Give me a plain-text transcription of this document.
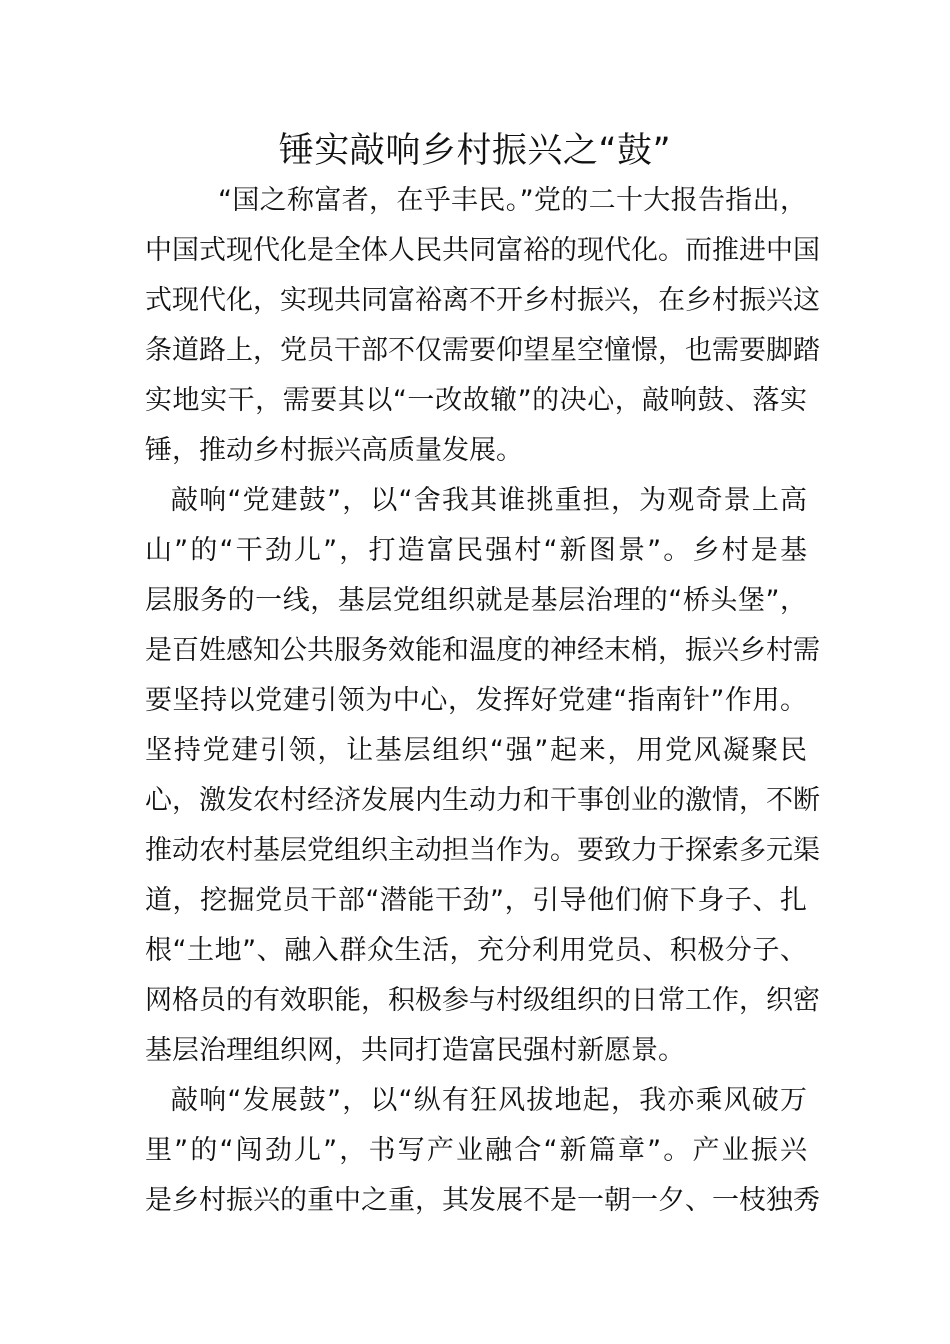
锤实敲响乡村振兴之“鼓”
“国之称富者，在乎丰民。”党的二十大报告指出，
中国式现代化是全体人民共同富裕的现代化。而推进中国
式现代化，实现共同富裕离不开乡村振兴，在乡村振兴这
条道路上，党员干部不仅需要仰望星空憧憬，也需要脚踏
实地实干，需要其以“一改故辙”的决心，敲响鼓、落实
锤，推动乡村振兴高质量发展。
敲响“党建鼓”，以“舍我其谁挑重担，为观奇景上高
山”的“干劲儿”，打造富民强村“新图景”。乡村是基
层服务的一线，基层党组织就是基层治理的“桥头堡”，
是百姓感知公共服务效能和温度的神经末梢，振兴乡村需
要坚持以党建引领为中心，发挥好党建“指南针”作用。
坚持党建引领，让基层组织“强”起来，用党风凝聚民
心，激发农村经济发展内生动力和干事创业的激情，不断
推动农村基层党组织主动担当作为。要致力于探索多元渠
道，挖掘党员干部“潜能干劲”，引导他们俯下身子、扎
根“土地”、融入群众生活，充分利用党员、积极分子、
网格员的有效职能，积极参与村级组织的日常工作，织密
基层治理组织网，共同打造富民强村新愿景。
敲响“发展鼓”，以“纵有狂风拔地起，我亦乘风破万
里”的“闯劲儿”，书写产业融合“新篇章”。产业振兴
是乡村振兴的重中之重，其发展不是一朝一夕、一枝独秀
